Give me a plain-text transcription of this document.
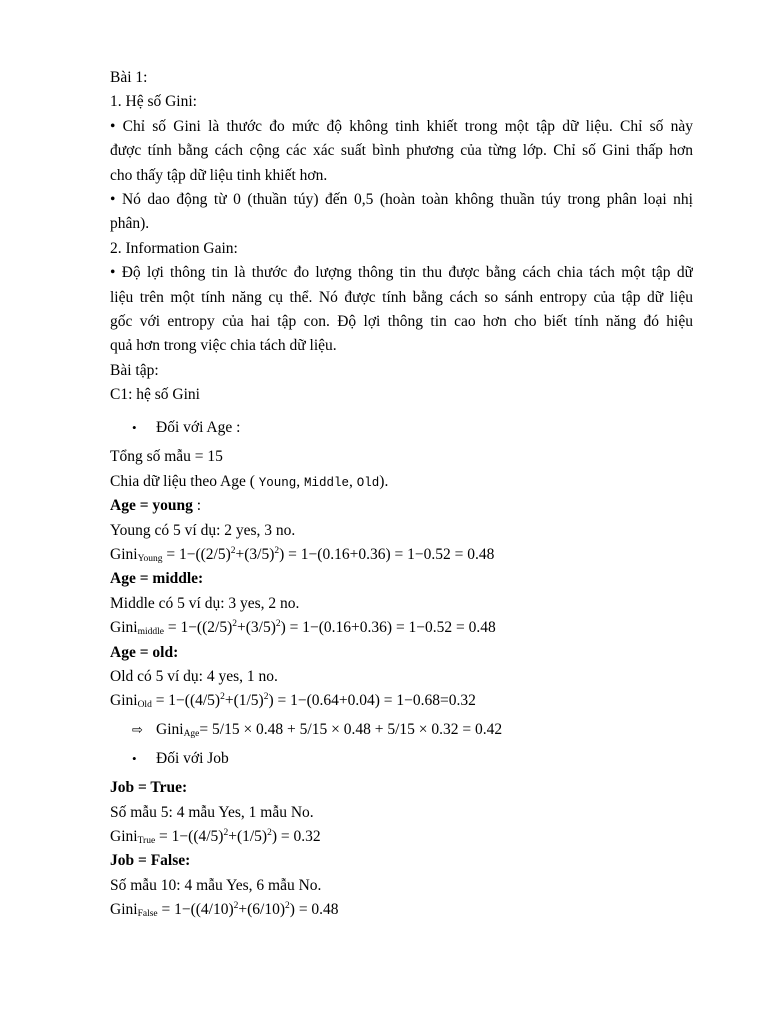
Bài 1:
1. Hệ số Gini:
• Chỉ số Gini là thước đo mức độ không tinh khiết trong một tập dữ liệu. Chỉ số này
được tính bằng cách cộng các xác suất bình phương của từng lớp. Chỉ số Gini thấp hơn
cho thấy tập dữ liệu tinh khiết hơn.
• Nó dao động từ 0 (thuần túy) đến 0,5 (hoàn toàn không thuần túy trong phân loại nhị
phân).
2. Information Gain:
• Độ lợi thông tin là thước đo lượng thông tin thu được bằng cách chia tách một tập dữ
liệu trên một tính năng cụ thể. Nó được tính bằng cách so sánh entropy của tập dữ liệu
gốc với entropy của hai tập con. Độ lợi thông tin cao hơn cho biết tính năng đó hiệu
quả hơn trong việc chia tách dữ liệu.
Bài tập:
C1: hệ số Gini
• Đối với Age :
Tổng số mẫu = 15
Chia dữ liệu theo Age ( Young, Middle, Old).
Age = young :
Young có 5 ví dụ: 2 yes, 3 no.
Gini$_{Young}$ = $1-((2/5)^2+(3/5)^2) = 1-(0.16+0.36) = 1-0.52 = 0.48$
Age = middle:
Middle có 5 ví dụ: 3 yes, 2 no.
Gini$_{middle}$ = $1-((2/5)^2+(3/5)^2) = 1-(0.16+0.36) = 1-0.52 = 0.48$
Age = old:
Old có 5 ví dụ: 4 yes, 1 no.
Gini$_{Old}$ = $1-((4/5)^2+(1/5)^2) = 1-(0.64+0.04) = 1-0.68=0.32$
⇨ Gini$_{Age}$= 5/15 × 0.48 + 5/15 × 0.48 + 5/15 × 0.32 = 0.42
• Đối với Job
Job = True:
Số mẫu 5: 4 mẫu Yes, 1 mẫu No.
Gini$_{True}$ = $1-((4/5)^2+(1/5)^2) = 0.32$
Job = False:
Số mẫu 10: 4 mẫu Yes, 6 mẫu No.
Gini$_{False}$ = $1-((4/10)^2+(6/10)^2) = 0.48$
